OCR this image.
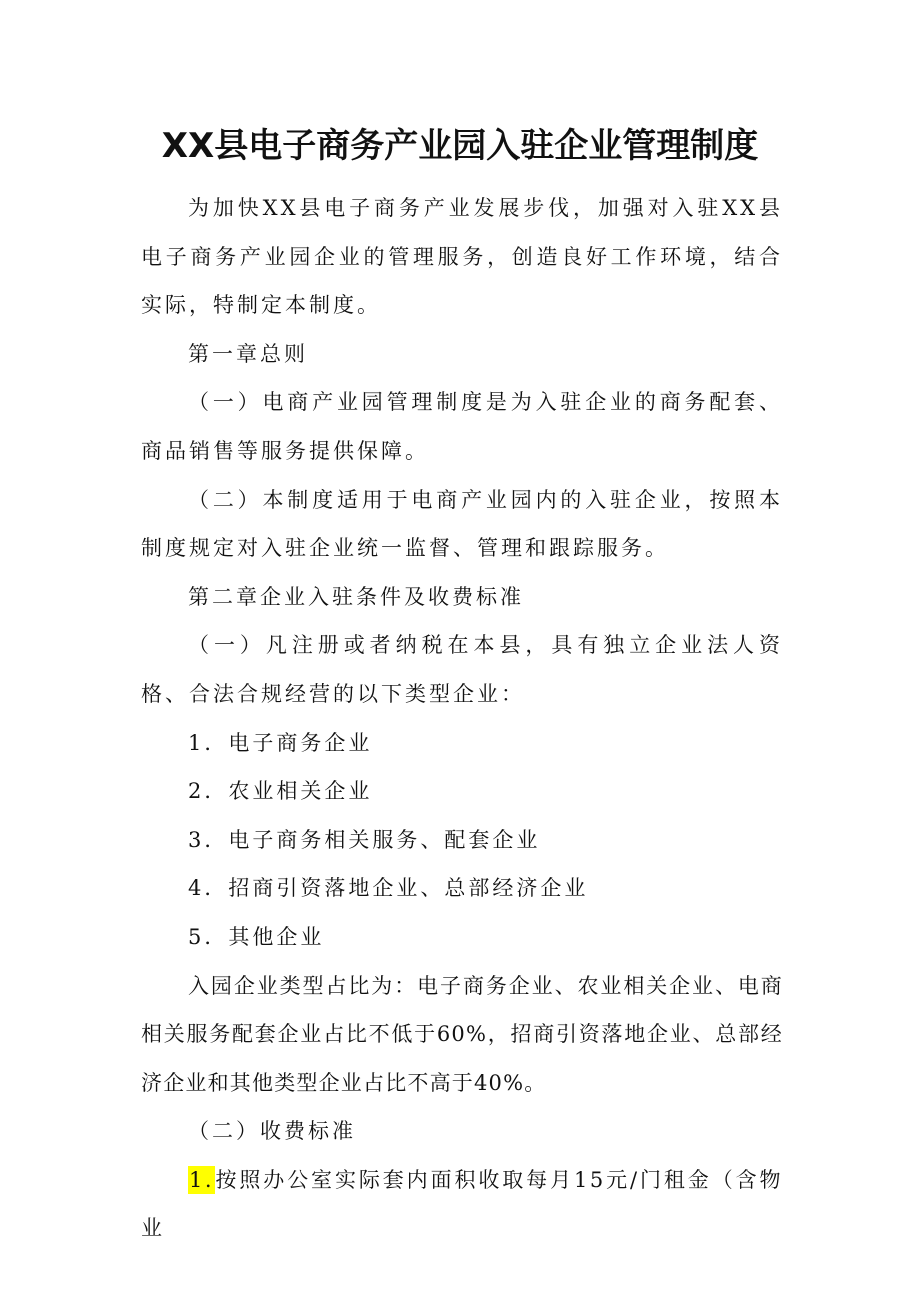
XX县电子商务产业园入驻企业管理制度

为加快XX县电子商务产业发展步伐，加强对入驻XX县电子商务产业园企业的管理服务，创造良好工作环境，结合实际，特制定本制度。

第一章总则

（一）电商产业园管理制度是为入驻企业的商务配套、商品销售等服务提供保障。

（二）本制度适用于电商产业园内的入驻企业，按照本制度规定对入驻企业统一监督、管理和跟踪服务。

第二章企业入驻条件及收费标准

（一）凡注册或者纳税在本县，具有独立企业法人资格、合法合规经营的以下类型企业：

1．电子商务企业

2．农业相关企业

3．电子商务相关服务、配套企业

4．招商引资落地企业、总部经济企业

5．其他企业

入园企业类型占比为：电子商务企业、农业相关企业、电商相关服务配套企业占比不低于60%，招商引资落地企业、总部经济企业和其他类型企业占比不高于40%。

（二）收费标准

1.按照办公室实际套内面积收取每月15元/门租金（含物业
